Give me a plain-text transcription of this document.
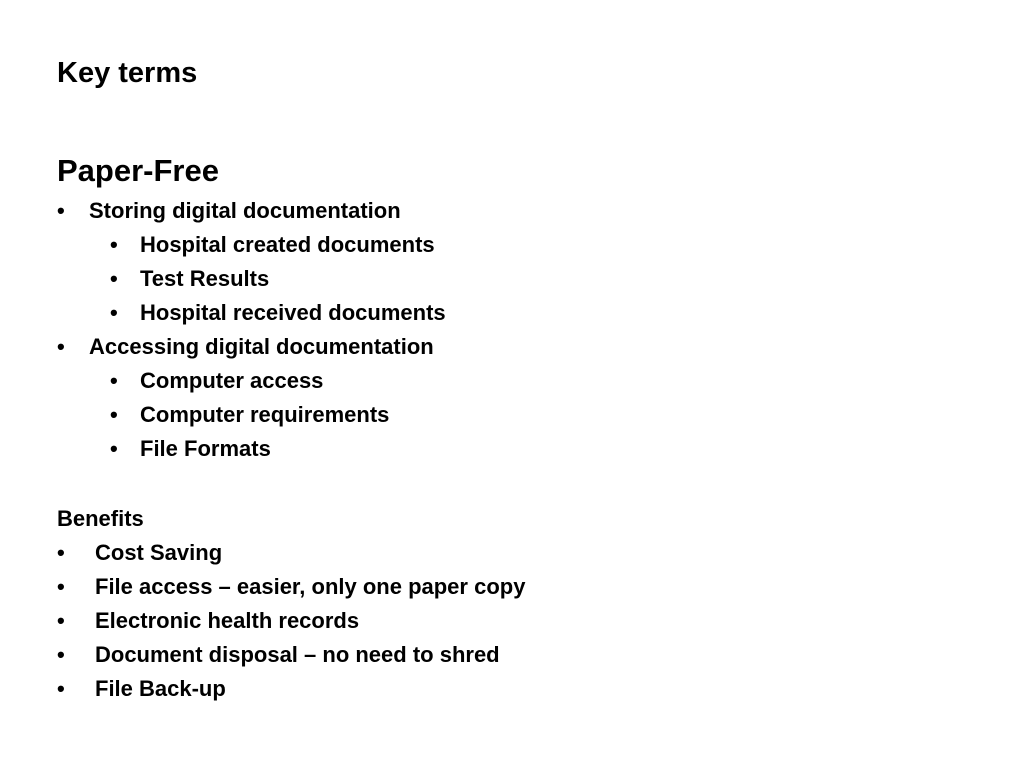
Key terms
Paper-Free
• Storing digital documentation
• Hospital created documents
• Test Results
• Hospital received documents
• Accessing digital documentation
• Computer access
• Computer requirements
• File Formats
Benefits
• Cost Saving
• File access – easier, only one paper copy
• Electronic health records
• Document disposal – no need to shred
• File Back-up
